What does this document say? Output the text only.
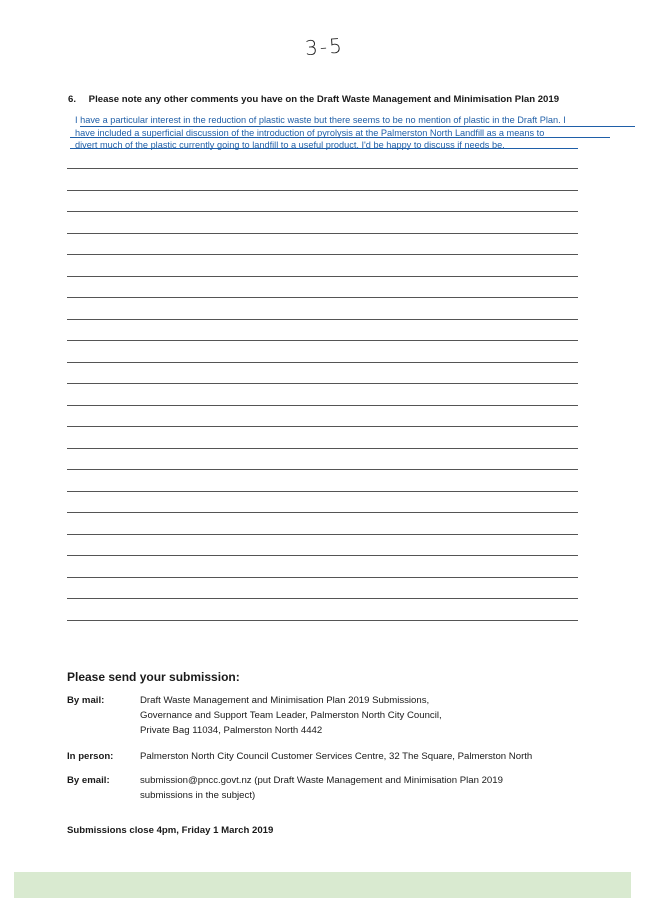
3-5
6. Please note any other comments you have on the Draft Waste Management and Minimisation Plan 2019
I have a particular interest in the reduction of plastic waste but there seems to be no mention of plastic in the Draft Plan. I
have included a superficial discussion of the introduction of pyrolysis at the Palmerston North Landfill as a means to
divert much of the plastic currently going to landfill to a useful product. I'd be happy to discuss if needs be.
Please send your submission:
By mail:	Draft Waste Management and Minimisation Plan 2019 Submissions,
Governance and Support Team Leader, Palmerston North City Council,
Private Bag 11034, Palmerston North 4442
In person:	Palmerston North City Council Customer Services Centre, 32 The Square, Palmerston North
By email:	submission@pncc.govt.nz (put Draft Waste Management and Minimisation Plan 2019
submissions in the subject)
Submissions close 4pm, Friday 1 March 2019
